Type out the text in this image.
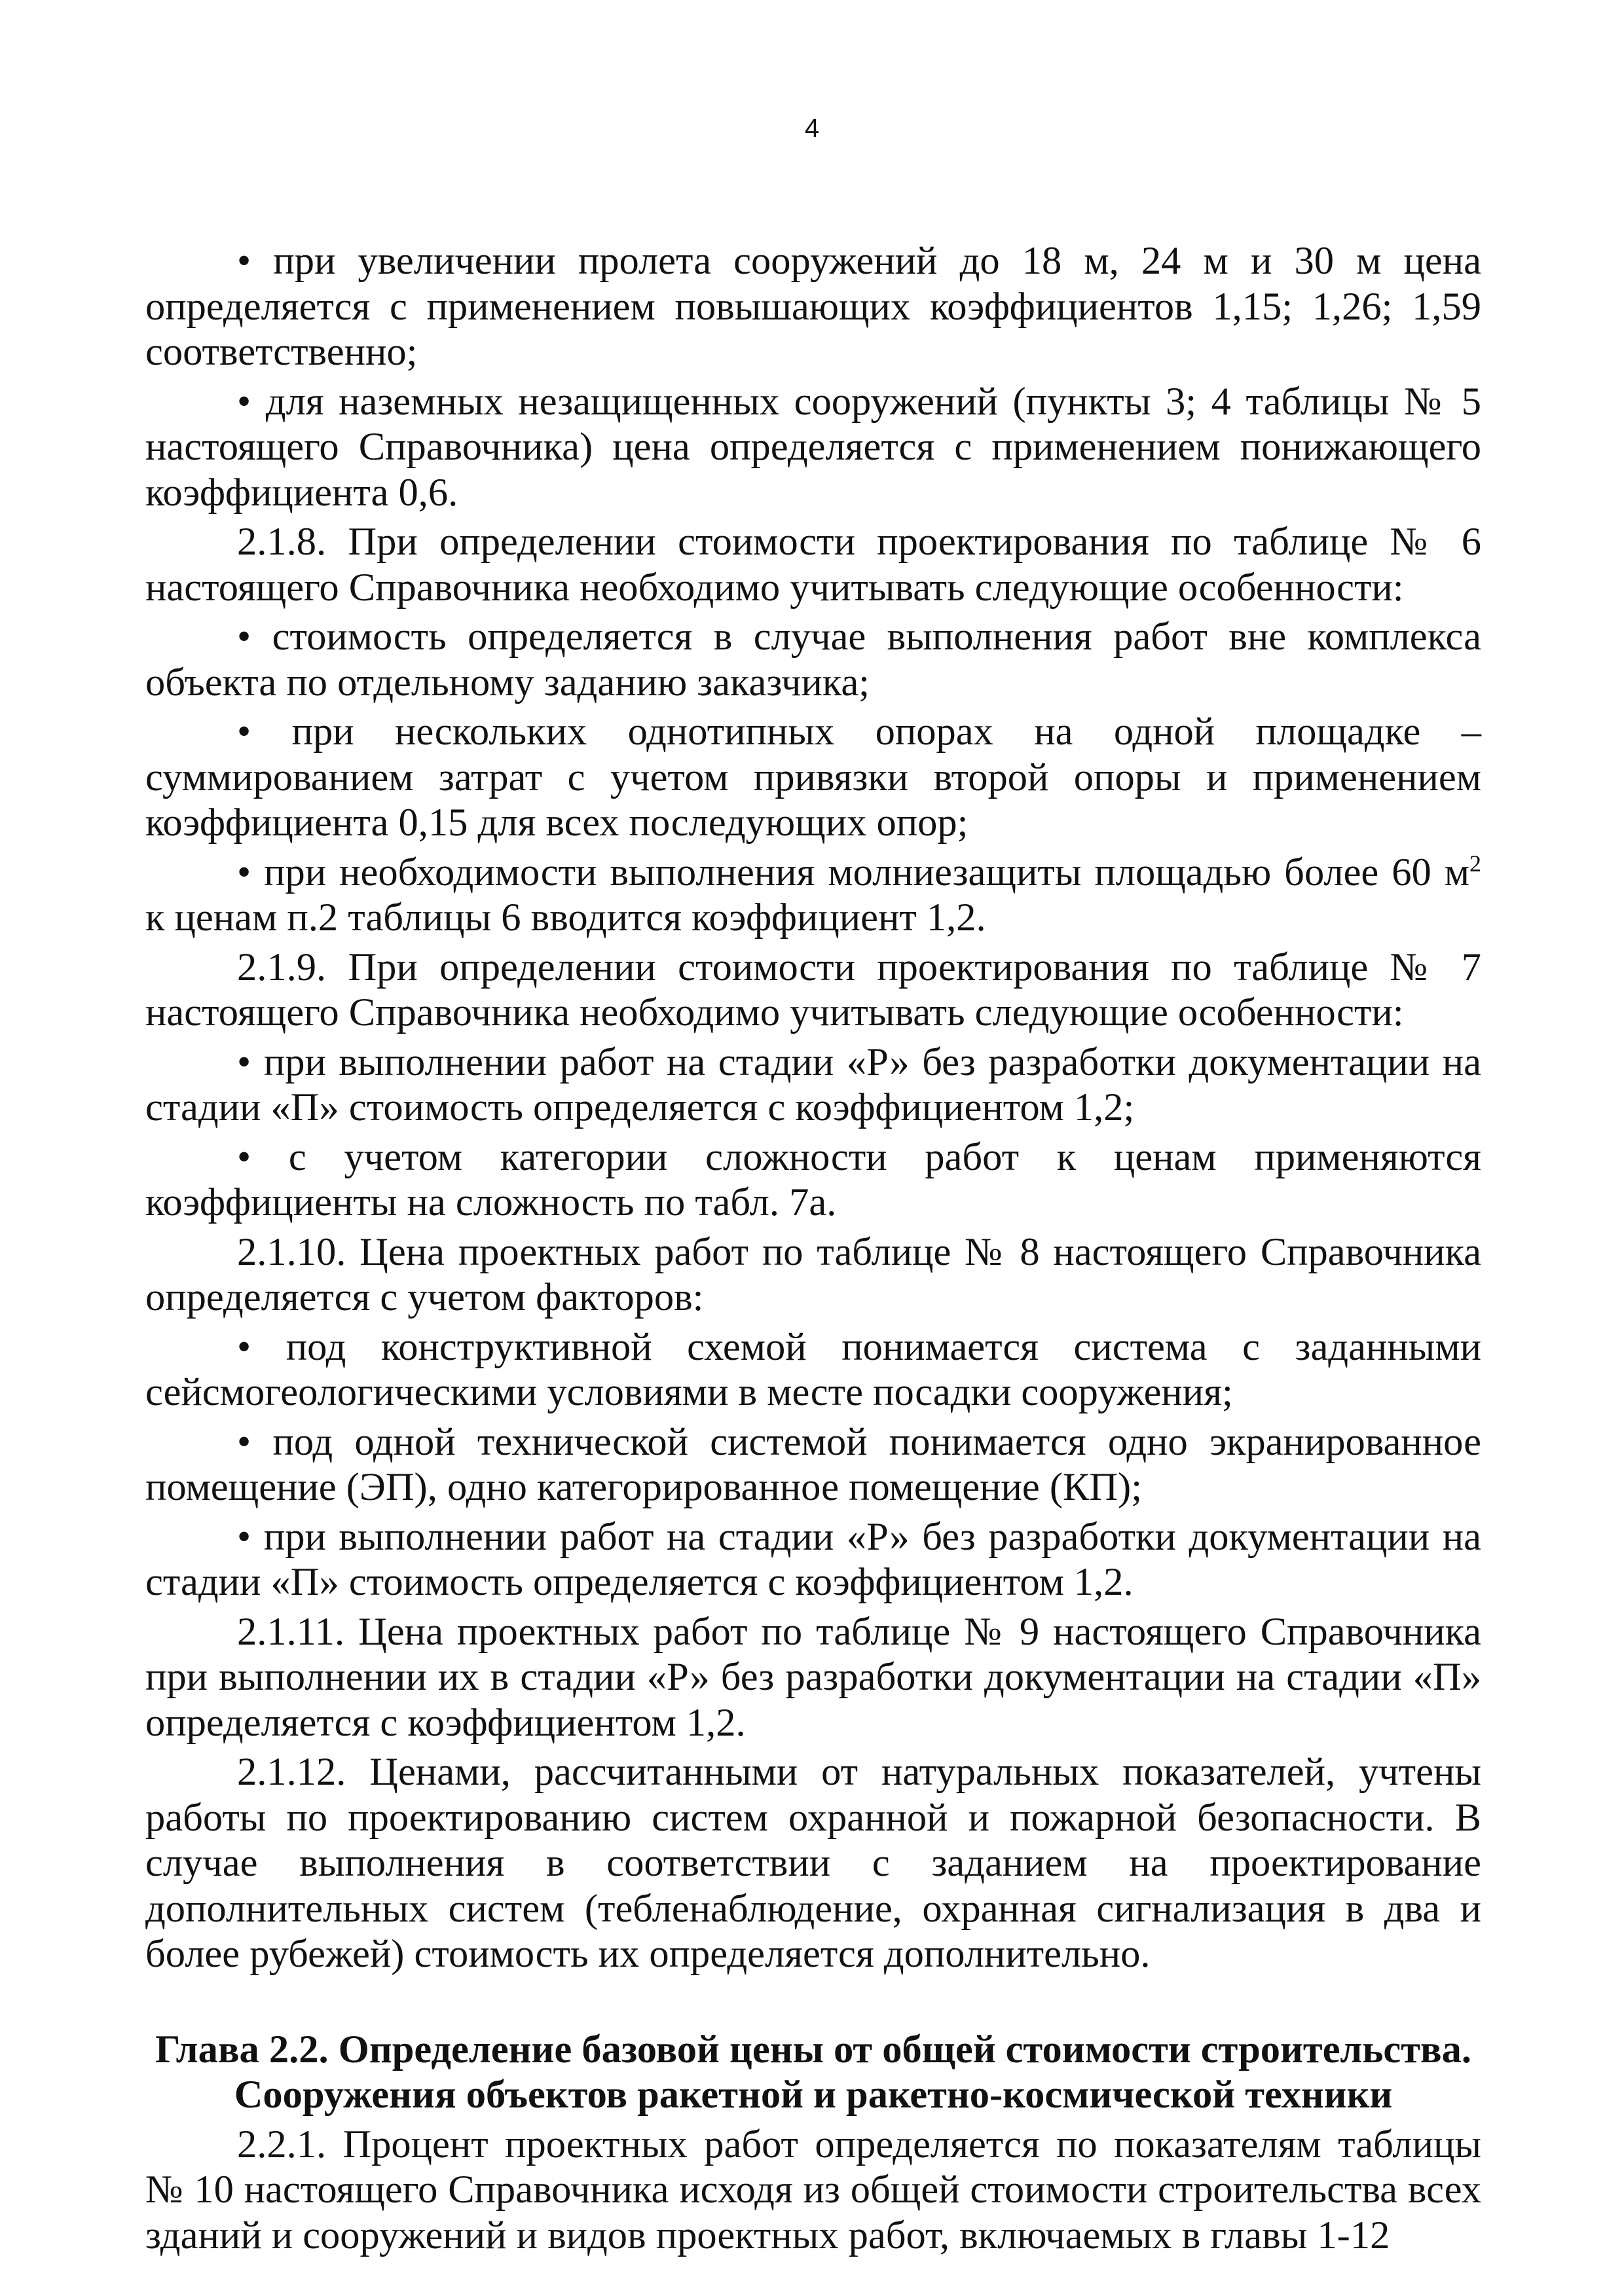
4

• при увеличении пролета сооружений до 18 м, 24 м и 30 м цена определяется с применением повышающих коэффициентов 1,15; 1,26; 1,59 соответственно;

• для наземных незащищенных сооружений (пункты 3; 4 таблицы № 5 настоящего Справочника) цена определяется с применением понижающего коэффициента 0,6.

2.1.8. При определении стоимости проектирования по таблице № 6 настоящего Справочника необходимо учитывать следующие особенности:

• стоимость определяется в случае выполнения работ вне комплекса объекта по отдельному заданию заказчика;

• при нескольких однотипных опорах на одной площадке – суммированием затрат с учетом привязки второй опоры и применением коэффициента 0,15 для всех последующих опор;

• при необходимости выполнения молниезащиты площадью более 60 $м^2$ к ценам п.2 таблицы 6 вводится коэффициент 1,2.

2.1.9. При определении стоимости проектирования по таблице № 7 настоящего Справочника необходимо учитывать следующие особенности:

• при выполнении работ на стадии «Р» без разработки документации на стадии «П» стоимость определяется с коэффициентом 1,2;

• с учетом категории сложности работ к ценам применяются коэффициенты на сложность по табл. 7а.

2.1.10. Цена проектных работ по таблице № 8 настоящего Справочника определяется с учетом факторов:

• под конструктивной схемой понимается система с заданными сейсмогеологическими условиями в месте посадки сооружения;

• под одной технической системой понимается одно экранированное помещение (ЭП), одно категорированное помещение (КП);

• при выполнении работ на стадии «Р» без разработки документации на стадии «П» стоимость определяется с коэффициентом 1,2.

2.1.11. Цена проектных работ по таблице № 9 настоящего Справочника при выполнении их в стадии «Р» без разработки документации на стадии «П» определяется с коэффициентом 1,2.

2.1.12. Ценами, рассчитанными от натуральных показателей, учтены работы по проектированию систем охранной и пожарной безопасности. В случае выполнения в соответствии с заданием на проектирование дополнительных систем (тебленаблюдение, охранная сигнализация в два и более рубежей) стоимость их определяется дополнительно.

Глава 2.2. Определение базовой цены от общей стоимости строительства.
Сооружения объектов ракетной и ракетно-космической техники

2.2.1. Процент проектных работ определяется по показателям таблицы № 10 настоящего Справочника исходя из общей стоимости строительства всех зданий и сооружений и видов проектных работ, включаемых в главы 1-12
